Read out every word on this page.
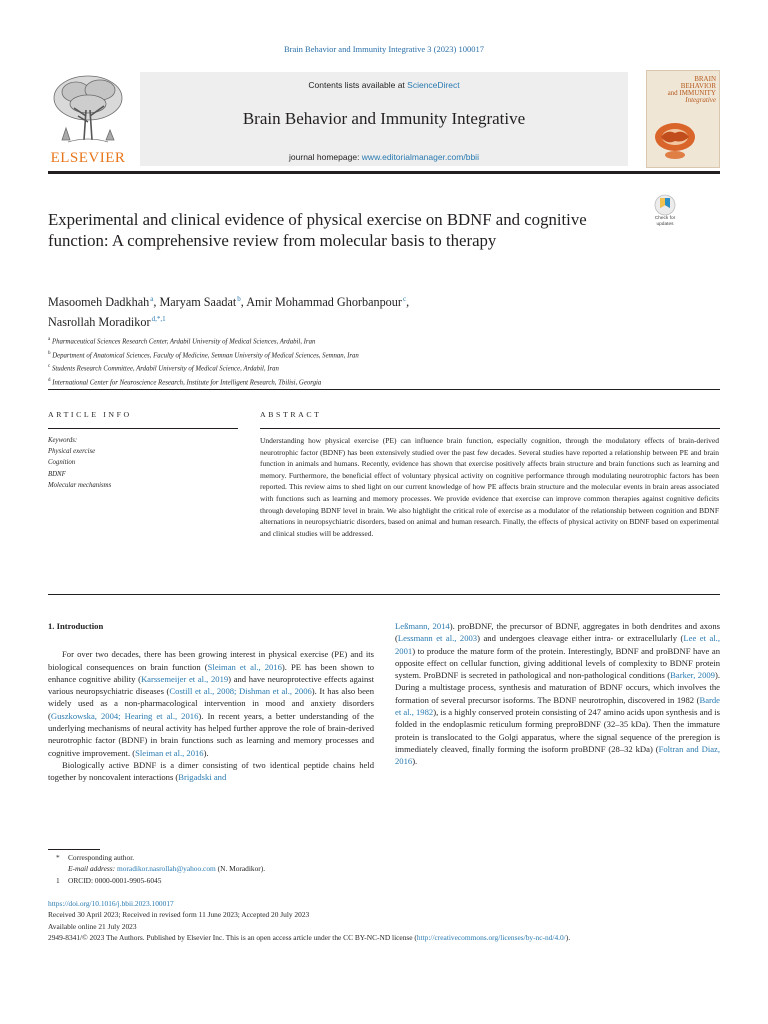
Brain Behavior and Immunity Integrative 3 (2023) 100017
ELSEVIER
Contents lists available at ScienceDirect
Brain Behavior and Immunity Integrative
journal homepage: www.editorialmanager.com/bbii
BRAIN
BEHAVIOR
and IMMUNITY
Integrative
Check for updates
Experimental and clinical evidence of physical exercise on BDNF and cognitive function: A comprehensive review from molecular basis to therapy
Masoomeh Dadkhah $^a$, Maryam Saadat $^b$, Amir Mohammad Ghorbanpour $^c$,
Nasrollah Moradikor $^{d,*,1}$
$^a$ Pharmaceutical Sciences Research Center, Ardabil University of Medical Sciences, Ardabil, Iran
$^b$ Department of Anatomical Sciences, Faculty of Medicine, Semnan University of Medical Sciences, Semnan, Iran
$^c$ Students Research Committee, Ardabil University of Medical Science, Ardabil, Iran
$^d$ International Center for Neuroscience Research, Institute for Intelligent Research, Tbilisi, Georgia
ARTICLE INFO	ABSTRACT
Keywords:
Physical exercise
Cognition
BDNF
Molecular mechanisms
Understanding how physical exercise (PE) can influence brain function, especially cognition, through the modulatory effects of brain-derived neurotrophic factor (BDNF) has been extensively studied over the past few decades. Several studies have reported a relationship between PE and brain function in animals and humans. Recently, evidence has shown that exercise positively affects brain structure and brain functions such as learning and memory. Furthermore, the beneficial effect of voluntary physical activity on cognitive performance through modulating neurotrophic factors has been reported. This review aims to shed light on our current knowledge of how PE affects brain structure and the molecular events in brain areas associated with functions such as learning and memory processes. We provide evidence that exercise can improve common therapies against cognitive deficits through developing BDNF level in brain. We also highlight the critical role of exercise as a modulator of the relationship between cognition and BDNF alternations in neuropsychiatric disorders, based on animal and human research. Finally, the effects of physical activity on BDNF based on experimental and clinical studies will be addressed.
1. Introduction

For over two decades, there has been growing interest in physical exercise (PE) and its biological consequences on brain function (Sleiman et al., 2016). PE has been shown to enhance cognitive ability (Karssemeijer et al., 2019) and have neuroprotective effects against various neuropsychiatric diseases (Costill et al., 2008; Dishman et al., 2006). It has also been widely used as a non-pharmacological intervention in mood and anxiety disorders (Guszkowska, 2004; Hearing et al., 2016). In recent years, a better understanding of the underlying mechanisms of neural activity has helped further approve the role of brain-derived neurotrophic factor (BDNF) in brain functions such as learning and memory processes and cognitive improvement. (Sleiman et al., 2016).

Biologically active BDNF is a dimer consisting of two identical peptide chains held together by noncovalent interactions (Brigadski and

Leßmann, 2014). proBDNF, the precursor of BDNF, aggregates in both dendrites and axons (Lessmann et al., 2003) and undergoes cleavage either intra- or extracellularly (Lee et al., 2001) to produce the mature form of the protein. Interestingly, BDNF and proBDNF have an opposite effect on cellular function, giving additional levels of complexity to BDNF protein system. ProBDNF is secreted in pathological and non-pathological conditions (Barker, 2009). During a multistage process, synthesis and maturation of BDNF occurs, which involves the formation of several precursor isoforms. The BDNF neurotrophin, discovered in 1982 (Barde et al., 1982), is a highly conserved protein consisting of 247 amino acids upon synthesis and is folded in the endoplasmic reticulum forming preproBDNF (32–35 kDa). Then the immature protein is translocated to the Golgi apparatus, where the signal sequence of the preregion is immediately cleaved, finally forming the isoform proBDNF (28–32 kDa) (Foltran and Diaz, 2016).

* Corresponding author.
E-mail address: moradikor.nasrollah@yahoo.com (N. Moradikor).
1 ORCID: 0000-0001-9905-6045
https://doi.org/10.1016/j.bbii.2023.100017
Received 30 April 2023; Received in revised form 11 June 2023; Accepted 20 July 2023
Available online 21 July 2023
2949-8341/© 2023 The Authors. Published by Elsevier Inc. This is an open access article under the CC BY-NC-ND license (http://creativecommons.org/licenses/by-nc-nd/4.0/).
